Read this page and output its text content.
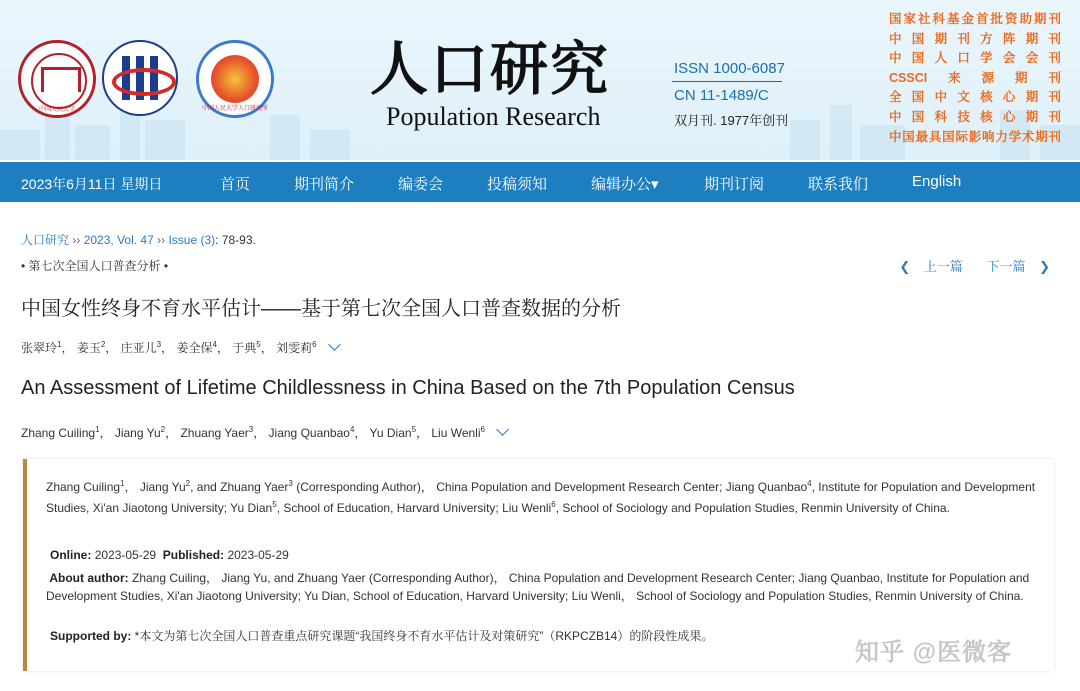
中国人民大学	中国人民大学人口研究所
人口研究
Population Research
ISSN 1000-6087
CN 11-1489/C
双月刊. 1977年创刊
国家社科基金首批资助期刊
中国期刊方阵期刊
中国人口学会会刊
CSSCI来源期刊
全国中文核心期刊
中国科技核心期刊
中国最具国际影响力学术期刊
2023年6月11日 星期日	首页	期刊简介	编委会	投稿须知	编辑办公▾	期刊订阅	联系我们	English
人口研究 ›› 2023, Vol. 47 ›› Issue (3): 78-93.
• 第七次全国人口普查分析 •	❮ 上一篇 下一篇 ❯
中国女性终身不育水平估计——基于第七次全国人口普查数据的分析
张翠玲$^1$， 姜玉$^2$， 庄亚儿$^3$， 姜全保$^4$， 于典$^5$， 刘雯莉$^6$
An Assessment of Lifetime Childlessness in China Based on the 7th Population Census
Zhang Cuiling$^1$， Jiang Yu$^2$， Zhuang Yaer$^3$， Jiang Quanbao$^4$， Yu Dian$^5$， Liu Wenli$^6$
Zhang Cuiling$^1$， Jiang Yu$^2$, and Zhuang Yaer$^3$ (Corresponding Author)， China Population and Development Research Center; Jiang Quanbao$^4$, Institute for Population and Development Studies, Xi'an Jiaotong University; Yu Dian$^5$, School of Education, Harvard University; Liu Wenli$^6$, School of Sociology and Population Studies, Renmin University of China.
Online: 2023-05-29 Published: 2023-05-29
About author: Zhang Cuiling， Jiang Yu, and Zhuang Yaer (Corresponding Author)， China Population and Development Research Center; Jiang Quanbao, Institute for Population and Development Studies, Xi'an Jiaotong University; Yu Dian, School of Education, Harvard University; Liu Wenli， School of Sociology and Population Studies, Renmin University of China.
Supported by: *本文为第七次全国人口普查重点研究课题“我国终身不育水平估计及对策研究”（RKPCZB14）的阶段性成果。
知乎 @医微客
